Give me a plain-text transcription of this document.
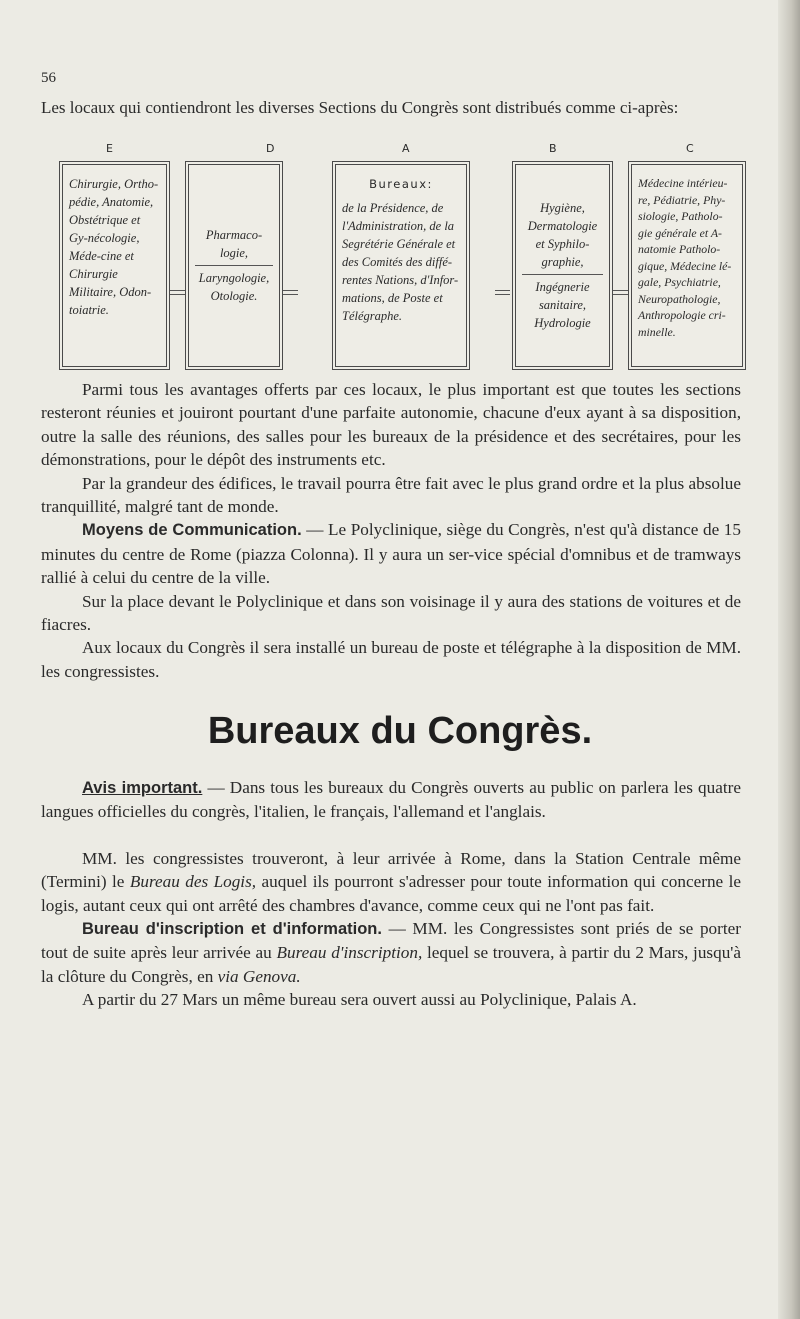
56
Les locaux qui contiendront les diverses Sections du Congrès sont distribués comme ci-après:
E	D	A	B	C
Chirurgie, Ortho-pédie, Anatomie, Obstétrique et Gy-nécologie, Méde-cine et Chirurgie Militaire, Odon-toiatrie.
Pharmaco-logie,
Laryngologie, Otologie.
Bureaux:
de la Présidence, de l'Administration, de la Segrétérie Générale et des Comités des diffé-rentes Nations, d'Infor-mations, de Poste et Télégraphe.
Hygiène, Dermatologie et Syphilo-graphie,
Ingégnerie sanitaire, Hydrologie
Médecine intérieu-re, Pédiatrie, Phy-siologie, Patholo-gie générale et A-natomie Patholo-gique, Médecine lé-gale, Psychiatrie, Neuropathologie, Anthropologie cri-minelle.

Parmi tous les avantages offerts par ces locaux, le plus important est que toutes les sections resteront réunies et jouiront pourtant d'une parfaite autonomie, chacune d'eux ayant à sa disposition, outre la salle des réunions, des salles pour les bureaux de la présidence et des secrétaires, pour les démonstrations, pour le dépôt des instruments etc.

Par la grandeur des édifices, le travail pourra être fait avec le plus grand ordre et la plus absolue tranquillité, malgré tant de monde.

Moyens de Communication. — Le Polyclinique, siège du Congrès, n'est qu'à distance de 15 minutes du centre de Rome (piazza Colonna). Il y aura un ser-vice spécial d'omnibus et de tramways rallié à celui du centre de la ville.

Sur la place devant le Polyclinique et dans son voisinage il y aura des stations de voitures et de fiacres.

Aux locaux du Congrès il sera installé un bureau de poste et télégraphe à la disposition de MM. les congressistes.

Bureaux du Congrès.

Avis important. — Dans tous les bureaux du Congrès ouverts au public on parlera les quatre langues officielles du congrès, l'italien, le français, l'allemand et l'anglais.

MM. les congressistes trouveront, à leur arrivée à Rome, dans la Station Centrale même (Termini) le Bureau des Logis, auquel ils pourront s'adresser pour toute information qui concerne le logis, autant ceux qui ont arrêté des chambres d'avance, comme ceux qui ne l'ont pas fait.

Bureau d'inscription et d'information. — MM. les Congressistes sont priés de se porter tout de suite après leur arrivée au Bureau d'inscription, lequel se trouvera, à partir du 2 Mars, jusqu'à la clôture du Congrès, en via Genova.

A partir du 27 Mars un même bureau sera ouvert aussi au Polyclinique, Palais A.
